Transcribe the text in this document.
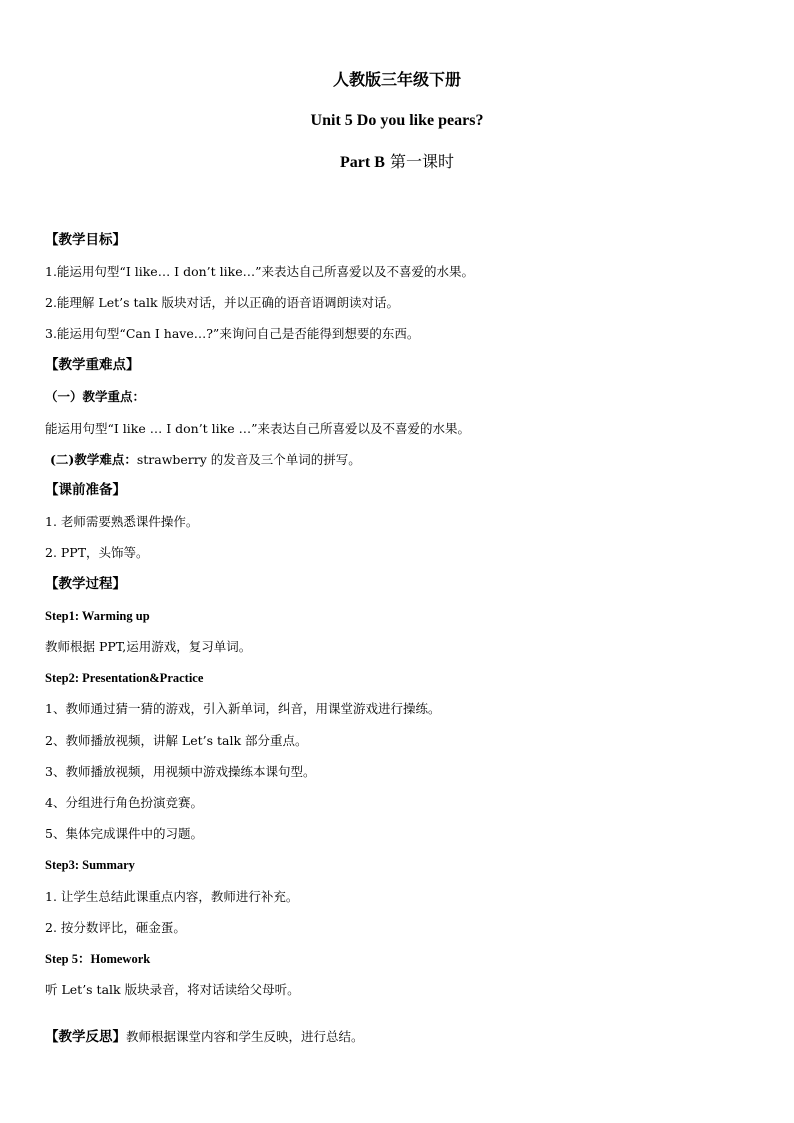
人教版三年级下册
Unit 5 Do you like pears?
Part B 第一课时
【教学目标】
1.能运用句型“I like… I don’t like…”来表达自己所喜爱以及不喜爱的水果。
2.能理解 Let’s talk 版块对话，并以正确的语音语调朗读对话。
3.能运用句型“Can I have…?”来询问自己是否能得到想要的东西。
【教学重难点】
（一）教学重点：
能运用句型“I like … I don’t like …”来表达自己所喜爱以及不喜爱的水果。
(二)教学难点：strawberry 的发音及三个单词的拼写。
【课前准备】
1. 老师需要熟悉课件操作。
2. PPT，头饰等。
【教学过程】
Step1: Warming up
教师根据 PPT,运用游戏，复习单词。
Step2: Presentation&Practice
1、教师通过猜一猜的游戏，引入新单词，纠音，用课堂游戏进行操练。
2、教师播放视频，讲解 Let’s talk 部分重点。
3、教师播放视频，用视频中游戏操练本课句型。
4、分组进行角色扮演竞赛。
5、集体完成课件中的习题。
Step3: Summary
1. 让学生总结此课重点内容，教师进行补充。
2. 按分数评比，砸金蛋。
Step 5：Homework
听 Let’s talk 版块录音，将对话读给父母听。
【教学反思】教师根据课堂内容和学生反映，进行总结。
